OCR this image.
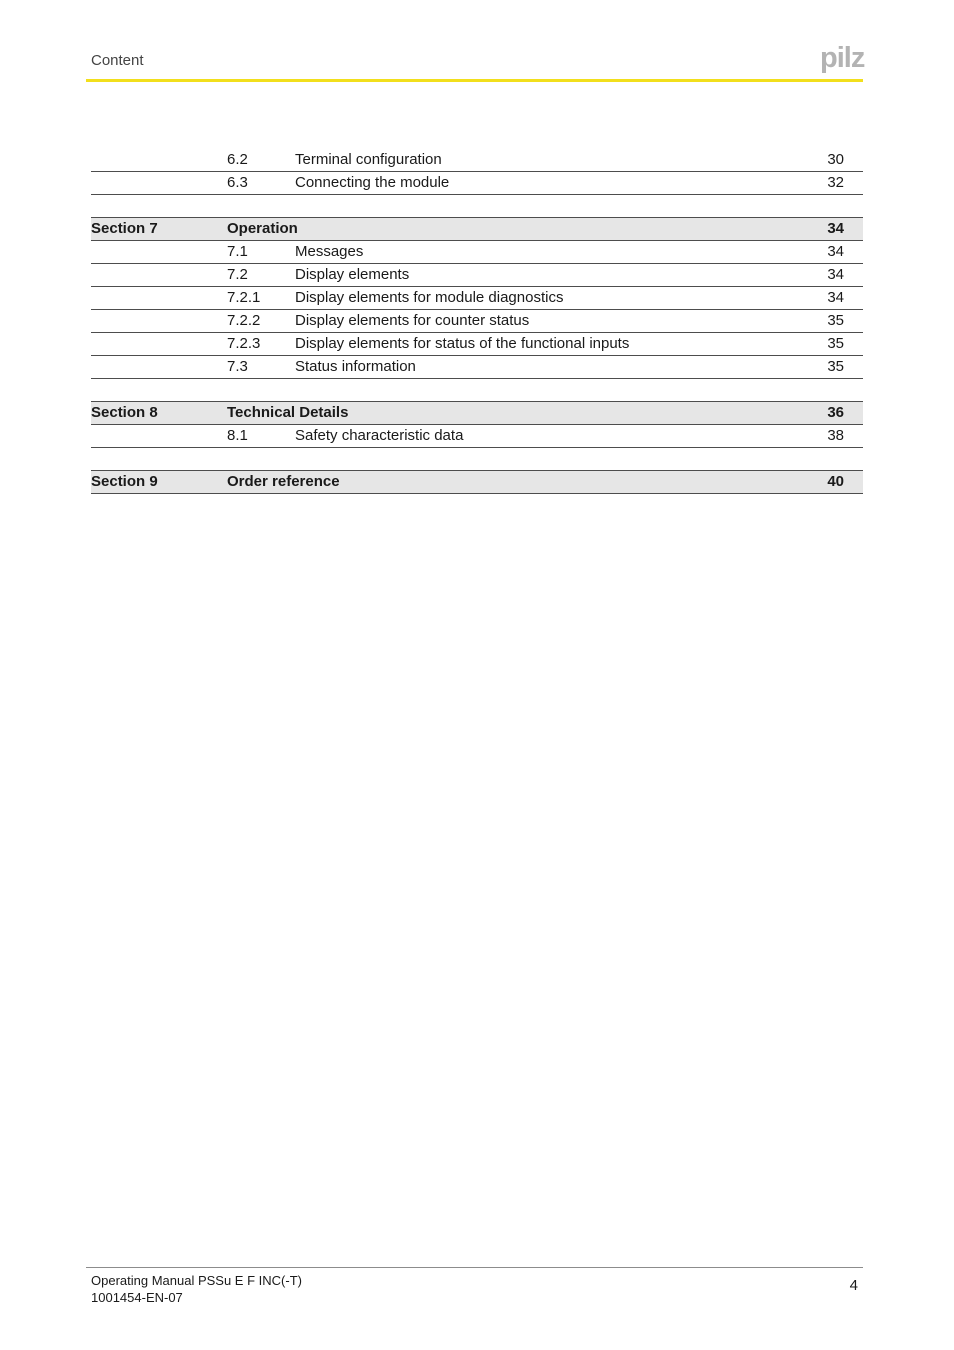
Content	pilz
6.2	Terminal configuration	30
6.3	Connecting the module	32
Section 7	Operation	34
7.1	Messages	34
7.2	Display elements	34
7.2.1 Display elements for module diagnostics	34
7.2.2 Display elements for counter status	35
7.2.3 Display elements for status of the functional inputs	35
7.3	Status information	35
Section 8	Technical Details	36
8.1	Safety characteristic data	38
Section 9	Order reference	40
Operating Manual PSSu E F INC(-T)
1001454-EN-07
4
